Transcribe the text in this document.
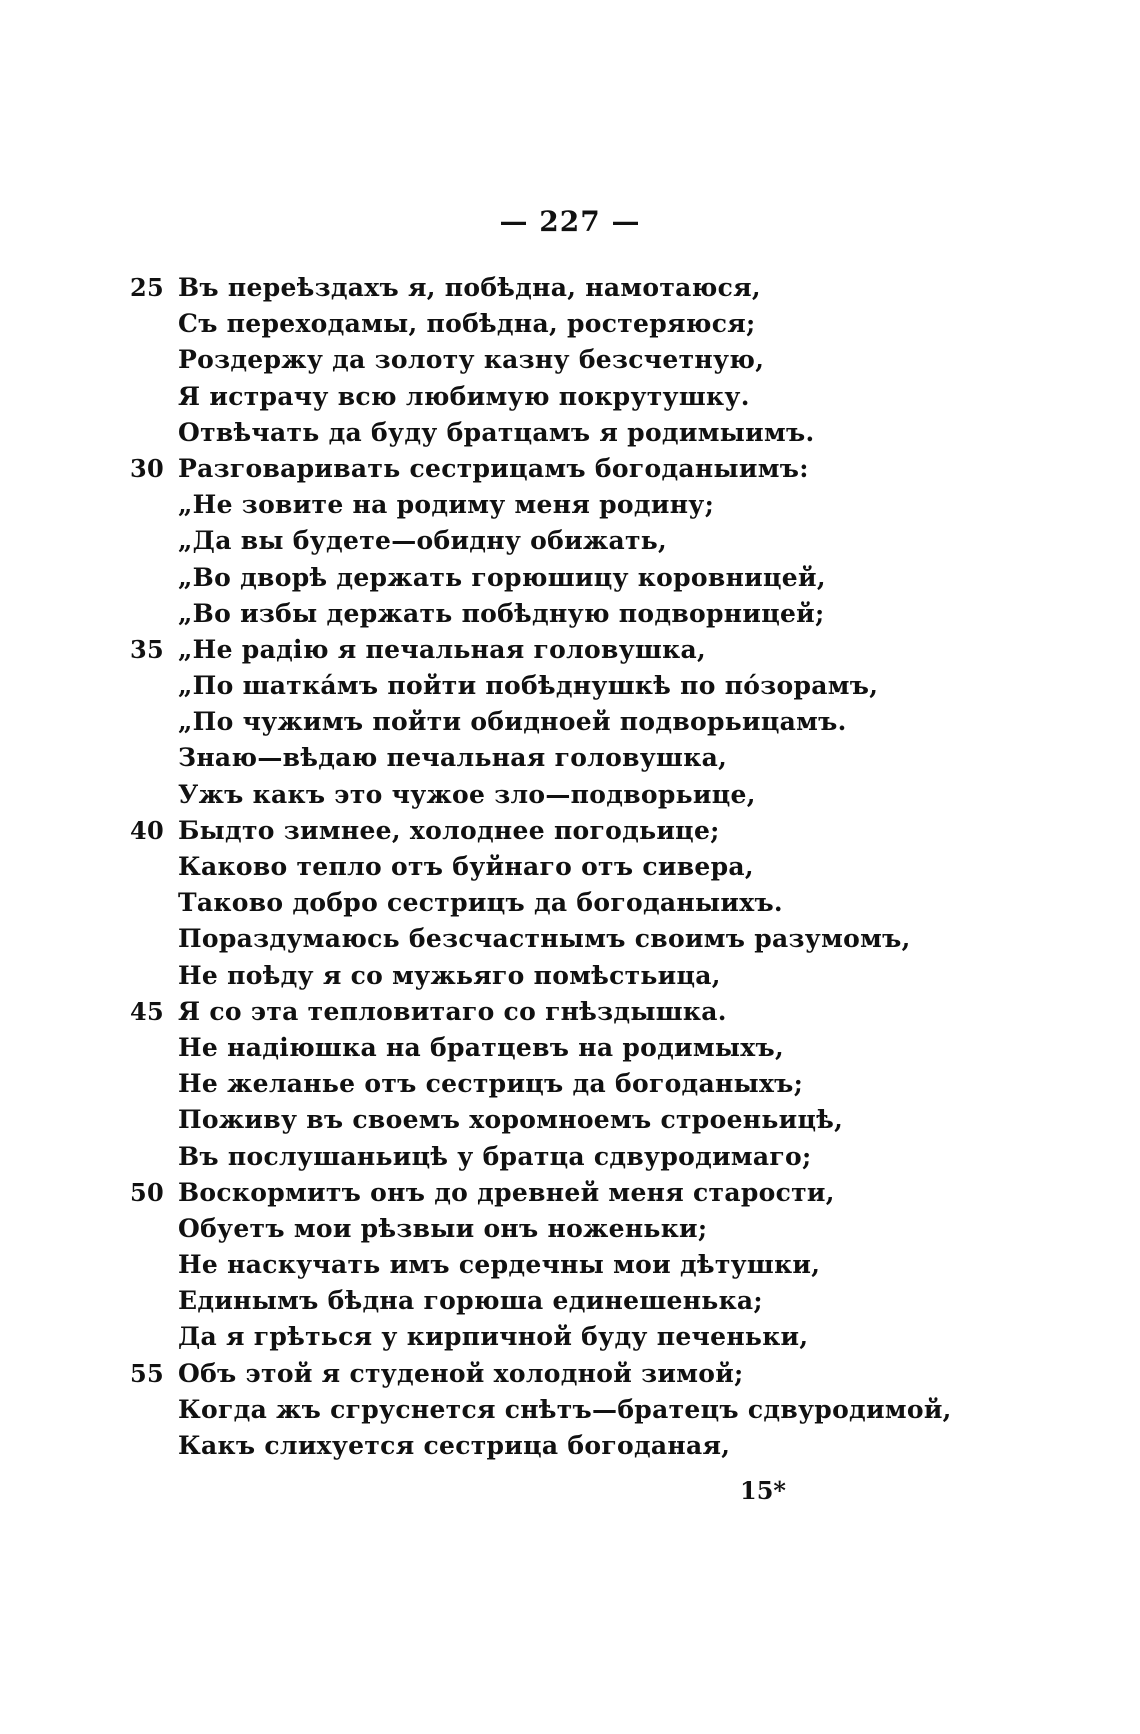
— 227 —
25 Въ переѣздахъ я, побѣдна, намотаюся,
Съ переходамы, побѣдна, ростеряюся;
Роздержу да золоту казну безсчетную,
Я истрачу всю любимую покрутушку.
Отвѣчать да буду братцамъ я родимыимъ.
30 Разговаривать сестрицамъ богоданыимъ:
„Не зовите на родиму меня родину;
„Да вы будете—обидну обижать,
„Во дворѣ держать горюшицу коровницей,
„Во избы держать побѣдную подворницей;
35 „Не радію я печальная головушка,
„По шаткáмъ пойти побѣднушкѣ по пóзорамъ,
„По чужимъ пойти обидноей подворьицамъ.
Знаю—вѣдаю печальная головушка,
Ужъ какъ это чужое зло—подворьице,
40 Быдто зимнее, холоднее погодьице;
Каково тепло отъ буйнаго отъ сивера,
Таково добро сестрицъ да богоданыихъ.
Пораздумаюсь безсчастнымъ своимъ разумомъ,
Не поѣду я со мужьяго помѣстьица,
45 Я со эта тепловитаго со гнѣздышка.
Не надіюшка на братцевъ на родимыхъ,
Не желанье отъ сестрицъ да богоданыхъ;
Поживу въ своемъ хоромноемъ строеньицѣ,
Въ послушаньицѣ у братца сдвуродимаго;
50 Воскормитъ онъ до древней меня старости,
Обуетъ мои рѣзвыи онъ ноженьки;
Не наскучать имъ сердечны мои дѣтушки,
Единымъ бѣдна горюша единешенька;
Да я грѣться у кирпичной буду печеньки,
55 Объ этой я студеной холодной зимой;
Когда жъ сгруснется снѣтъ—братецъ сдвуродимой,
Какъ слихуется сестрица богоданая,
15*
